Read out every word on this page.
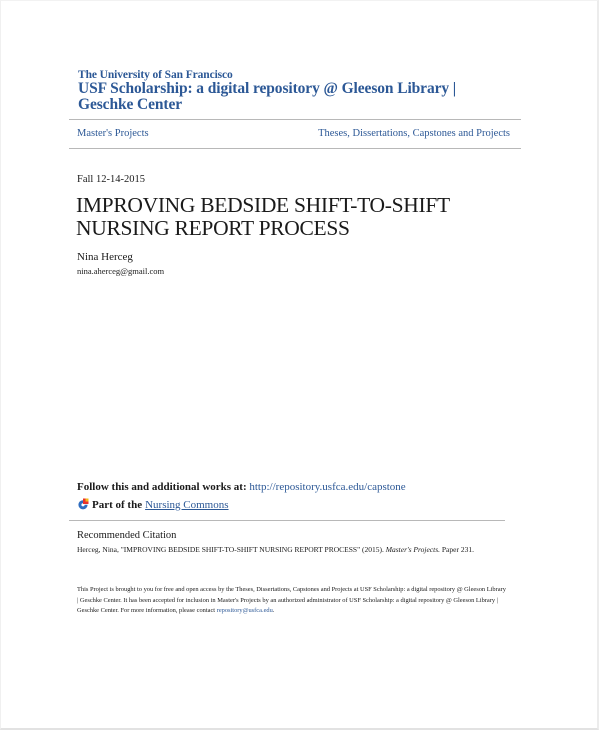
The University of San Francisco
USF Scholarship: a digital repository @ Gleeson Library |
Geschke Center
Master's Projects	Theses, Dissertations, Capstones and Projects
Fall 12-14-2015
IMPROVING BEDSIDE SHIFT-TO-SHIFT
NURSING REPORT PROCESS
Nina Herceg
nina.aherceg@gmail.com
Follow this and additional works at: http://repository.usfca.edu/capstone
Part of the Nursing Commons
Recommended Citation
Herceg, Nina, "IMPROVING BEDSIDE SHIFT-TO-SHIFT NURSING REPORT PROCESS" (2015). Master's Projects. Paper 231.
This Project is brought to you for free and open access by the Theses, Dissertations, Capstones and Projects at USF Scholarship: a digital repository @ Gleeson Library | Geschke Center. It has been accepted for inclusion in Master's Projects by an authorized administrator of USF Scholarship: a digital repository @ Gleeson Library | Geschke Center. For more information, please contact repository@usfca.edu.
